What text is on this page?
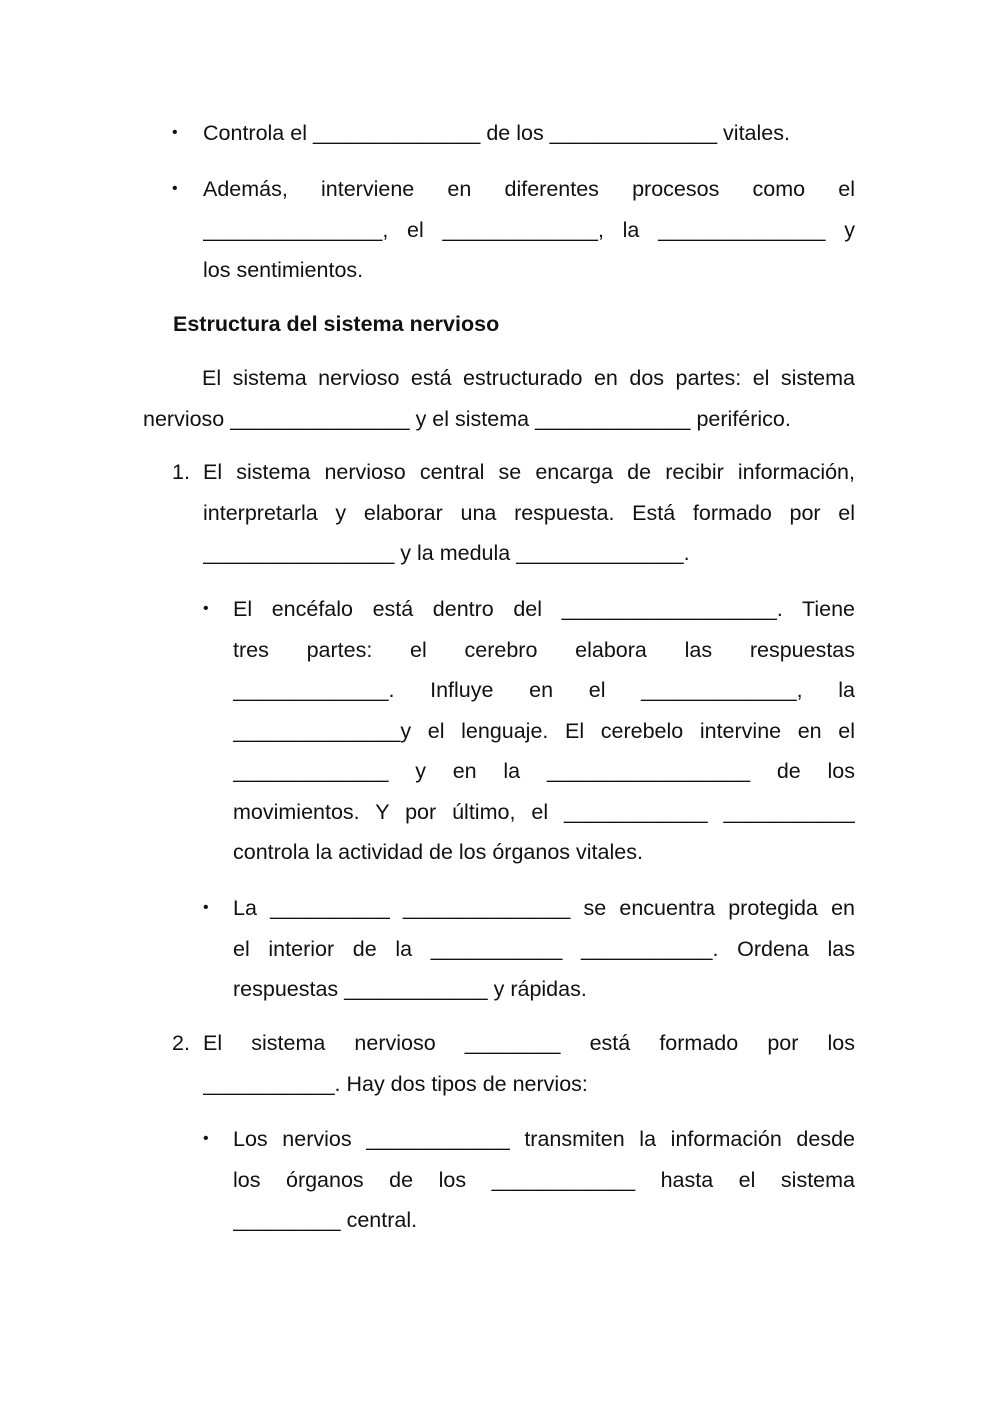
• Controla el ______________ de los ______________ vitales.
• Además, interviene en diferentes procesos como el
_______________, el _____________, la ______________ y
los sentimientos.
Estructura del sistema nervioso
El sistema nervioso está estructurado en dos partes: el sistema
nervioso _______________ y el sistema _____________ periférico.
1. El sistema nervioso central se encarga de recibir información,
interpretarla y elaborar una respuesta. Está formado por el
________________ y la medula ______________.
• El encéfalo está dentro del __________________. Tiene
tres partes: el cerebro elabora las respuestas
_____________. Influye en el _____________, la
______________y el lenguaje. El cerebelo intervine en el
_____________ y en la _________________ de los
movimientos. Y por último, el ____________ ___________
controla la actividad de los órganos vitales.
• La __________ ______________ se encuentra protegida en
el interior de la ___________ ___________. Ordena las
respuestas ____________ y rápidas.
2. El sistema nervioso ________ está formado por los
___________. Hay dos tipos de nervios:
• Los nervios ____________ transmiten la información desde
los órganos de los ____________ hasta el sistema
_________ central.
